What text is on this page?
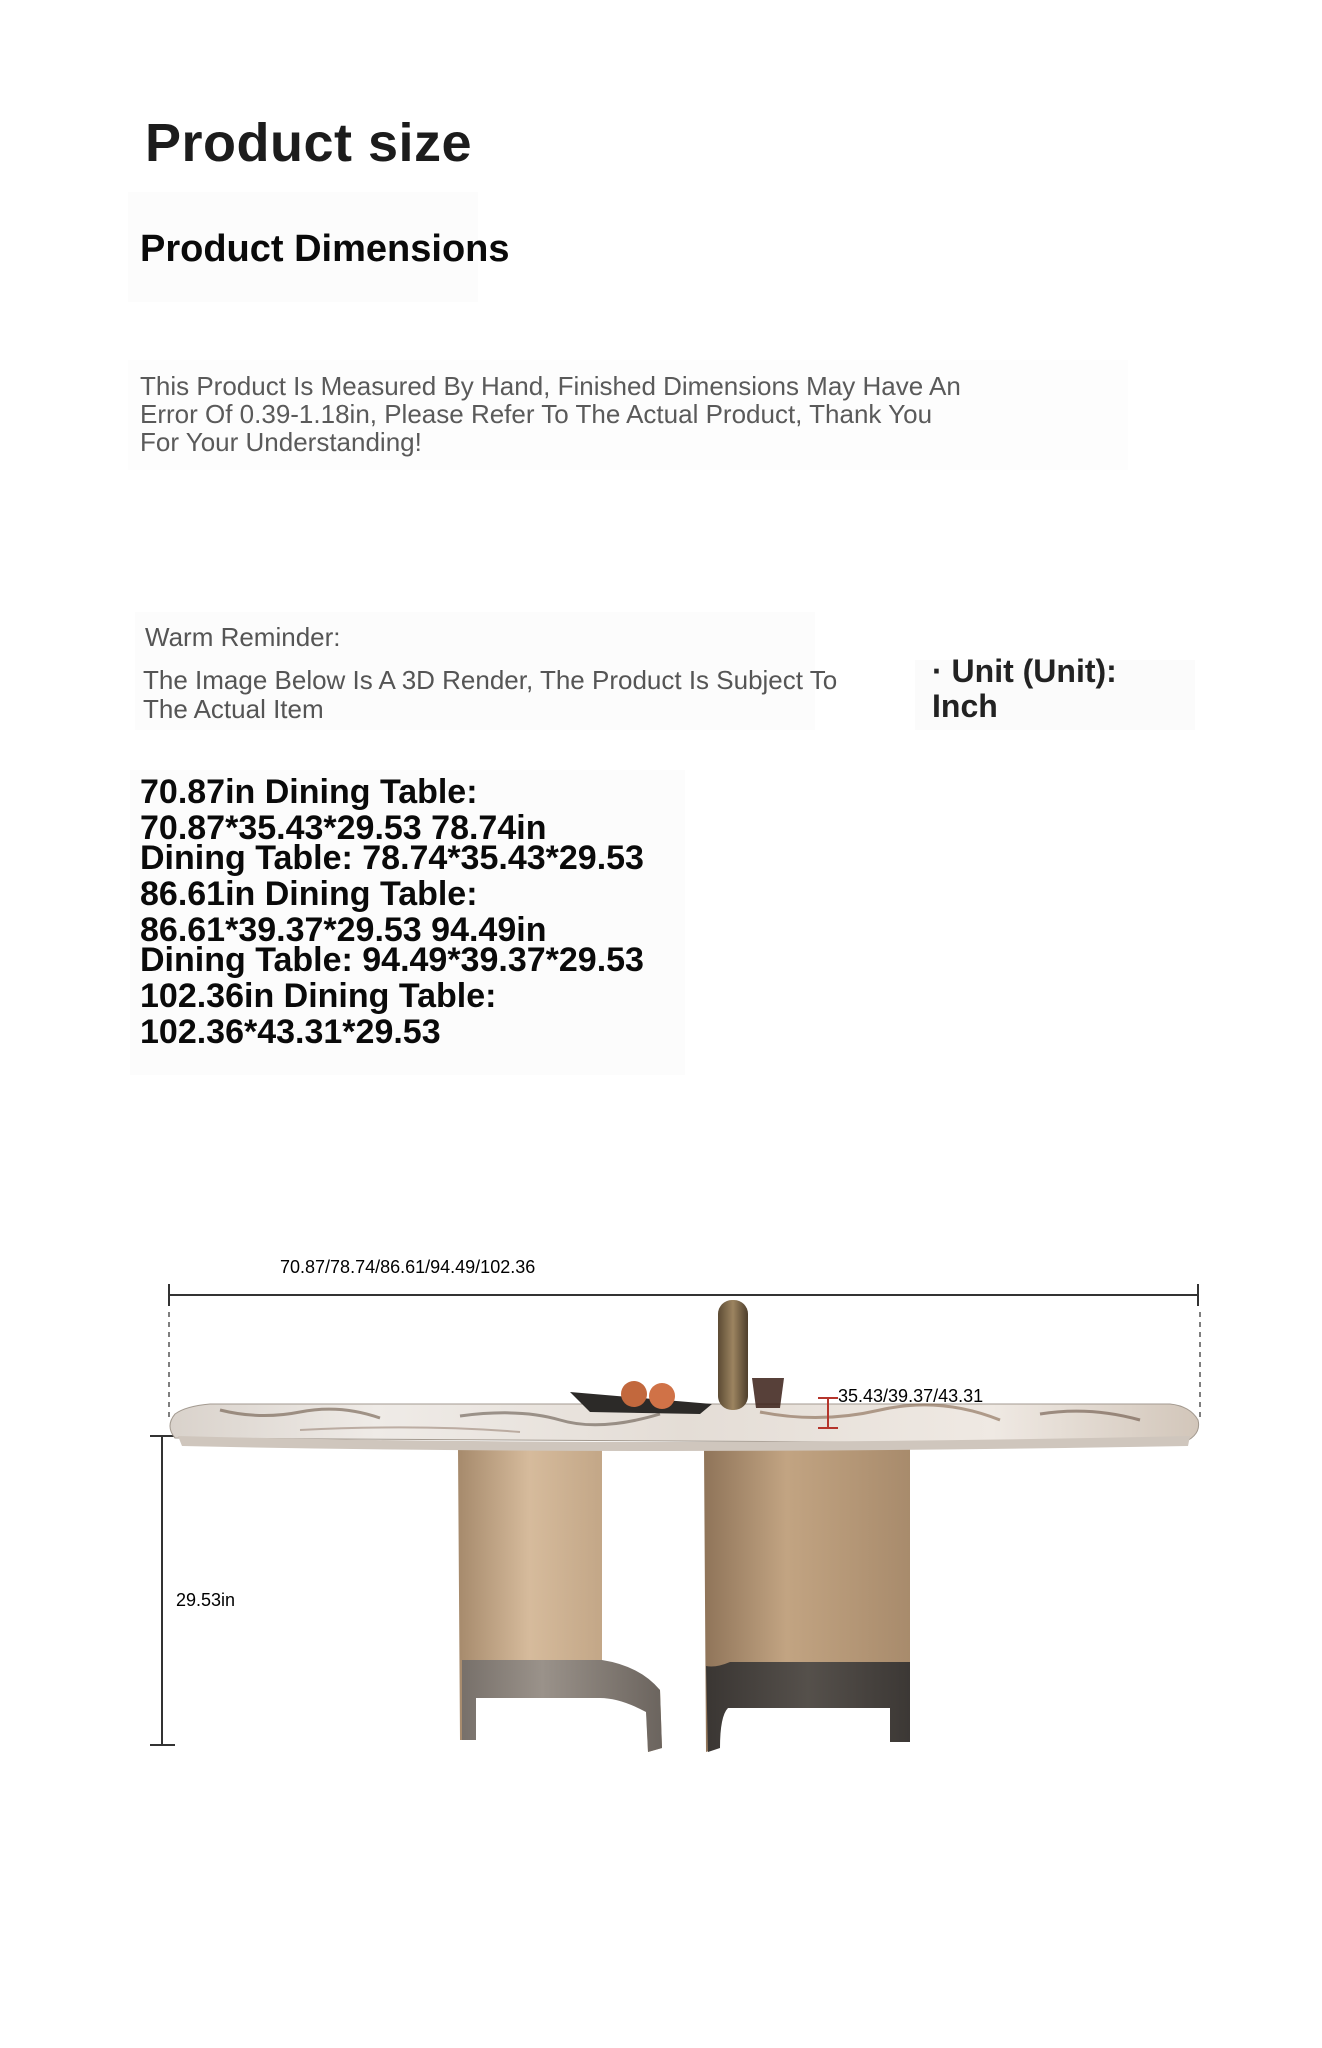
Product size
Product Dimensions
This Product Is Measured By Hand, Finished Dimensions May Have An Error Of 0.39-1.18in, Please Refer To The Actual Product, Thank You For Your Understanding!
Warm Reminder:
The Image Below Is A 3D Render, The Product Is Subject To The Actual Item
· Unit (Unit):
Inch
70.87in Dining Table:
70.87*35.43*29.53 78.74in
Dining Table: 78.74*35.43*29.53
86.61in Dining Table:
86.61*39.37*29.53 94.49in
Dining Table: 94.49*39.37*29.53
102.36in Dining Table:
102.36*43.31*29.53
70.87/78.74/86.61/94.49/102.36
29.53in
35.43/39.37/43.31
